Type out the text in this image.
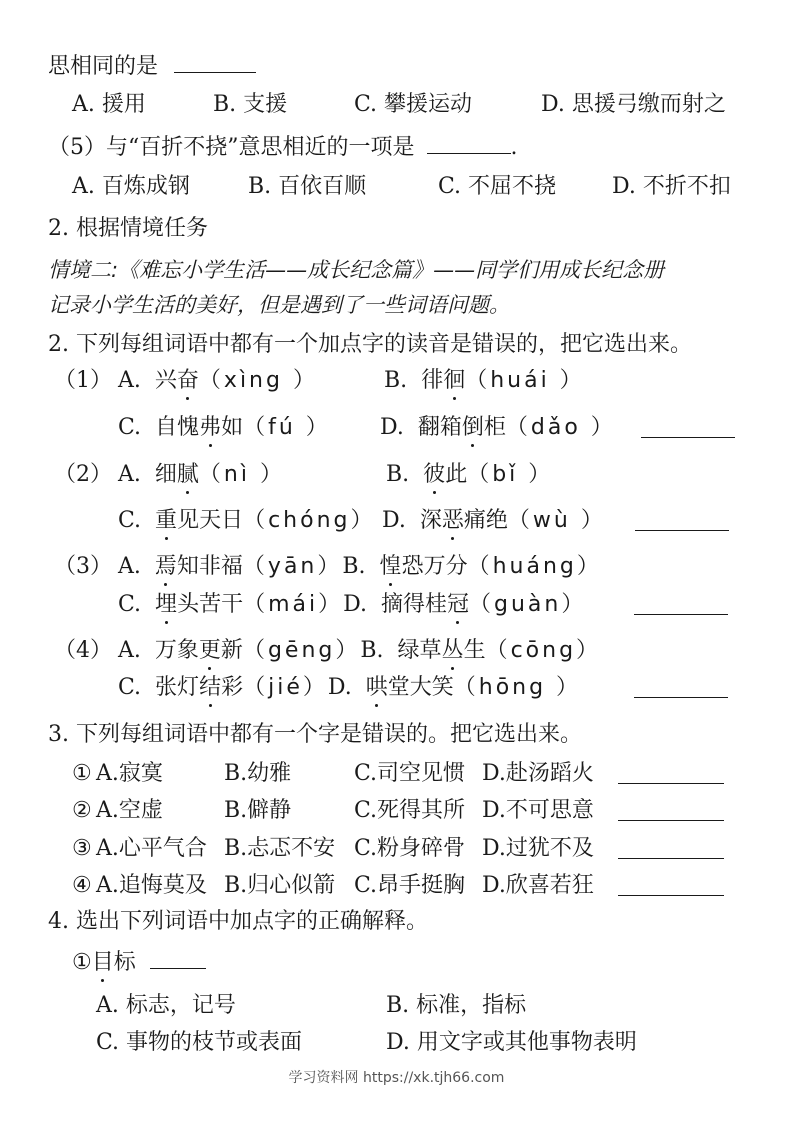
思相同的是
A. 援用	B. 支援	C. 攀援运动	D. 思援弓缴而射之
（5）与“百折不挠”意思相近的一项是	.
A. 百炼成钢	B. 百依百顺	C. 不屈不挠	D. 不折不扣
2. 根据情境任务
情境二:《难忘小学生活——成长纪念篇》——同学们用成长纪念册
记录小学生活的美好，但是遇到了一些词语问题。
2. 下列每组词语中都有一个加点字的读音是错误的，把它选出来。
（1） A. 兴奋（xìng ）	B. 徘徊（huái ）
C. 自愧弗如（fú ） D. 翻箱倒柜（dǎo ）
（2） A. 细腻（nì ）	B. 彼此（bǐ ）
C. 重见天日（chóng） D. 深恶痛绝（wù ）
（3） A. 焉知非福（yān）B. 惶恐万分（huáng）
C. 埋头苦干（mái）D. 摘得桂冠（guàn）
（4） A. 万象更新（gēng）B. 绿草丛生（cōng）
C. 张灯结彩（jié）D. 哄堂大笑（hōng ）
3. 下列每组词语中都有一个字是错误的。把它选出来。
① A.寂寞	B.幼雅	C.司空见惯 D.赴汤蹈火
② A.空虚	B.僻静	C.死得其所 D.不可思意
③ A.心平气合 B.忐忑不安 C.粉身碎骨 D.过犹不及
④ A.追悔莫及 B.归心似箭 C.昂手挺胸 D.欣喜若狂
4. 选出下列词语中加点字的正确解释。
①目标
A. 标志，记号	B. 标准，指标
C. 事物的枝节或表面	D. 用文字或其他事物表明
学习资料网 https://xk.tjh66.com
